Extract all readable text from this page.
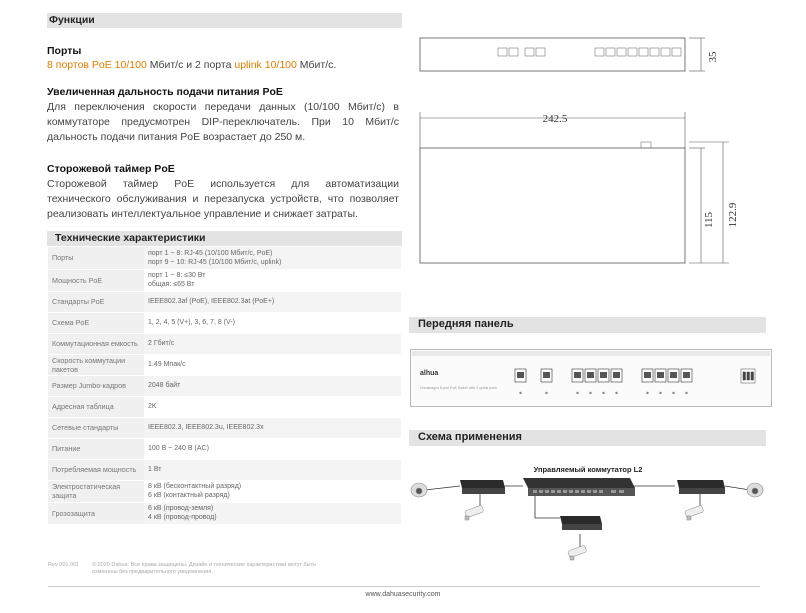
Функции
Порты
8 портов PoE 10/100 Мбит/с и 2 порта uplink 10/100 Мбит/с.
Увеличенная дальность подачи питания PoE
Для переключения скорости передачи данных (10/100 Мбит/с) в коммутаторе предусмотрен DIP-переключатель. При 10 Мбит/с дальность подачи питания PoE возрастает до 250 м.
Сторожевой таймер PoE
Сторожевой таймер PoE используется для автоматизации технического обслуживания и перезапуска устройств, что позволяет реализовать интеллектуальное управление и снижает затраты.
Технические характеристики
Порты	порт 1 ~ 8: RJ-45 (10/100 Мбит/с, PoE)
порт 9 ~ 10: RJ-45 (10/100 Мбит/с, uplink)

Мощность PoE	порт 1 ~ 8: ≤30 Вт
общая: ≤65 Вт

Стандарты PoE	IEEE802.3af (PoE), IEEE802.3at (PoE+)

Схема PoE	1, 2, 4, 5 (V+), 3, 6, 7, 8 (V-)

Коммутационная емкость	2 Гбит/с

Скорость коммутации пакетов	1.49 Мпак/с

Размер Jumbo-кадров	2048 байт

Адресная таблица	2K

Сетевые стандарты	IEEE802.3, IEEE802.3u, IEEE802.3x

Питание	100 В ~ 240 В (AC)

Потребляемая мощность	1 Вт

Электростатическая защита	8 кВ (бесконтактный разряд)
6 кВ (контактный разряд)

Грозозащита	6 кВ (провод-земля)
4 кВ (провод-провод)
Rev 001.001 © 2020 Dahua. Все права защищены. Дизайн и технические характеристики могут быть
изменены без предварительного уведомления.
www.dahuasecurity.com
35
242.5
115 122.9
Передняя панель
alhua
Unmanaged 8-port PoE Switch with 2 uplink ports
Схема применения
Управляемый коммутатор L2
